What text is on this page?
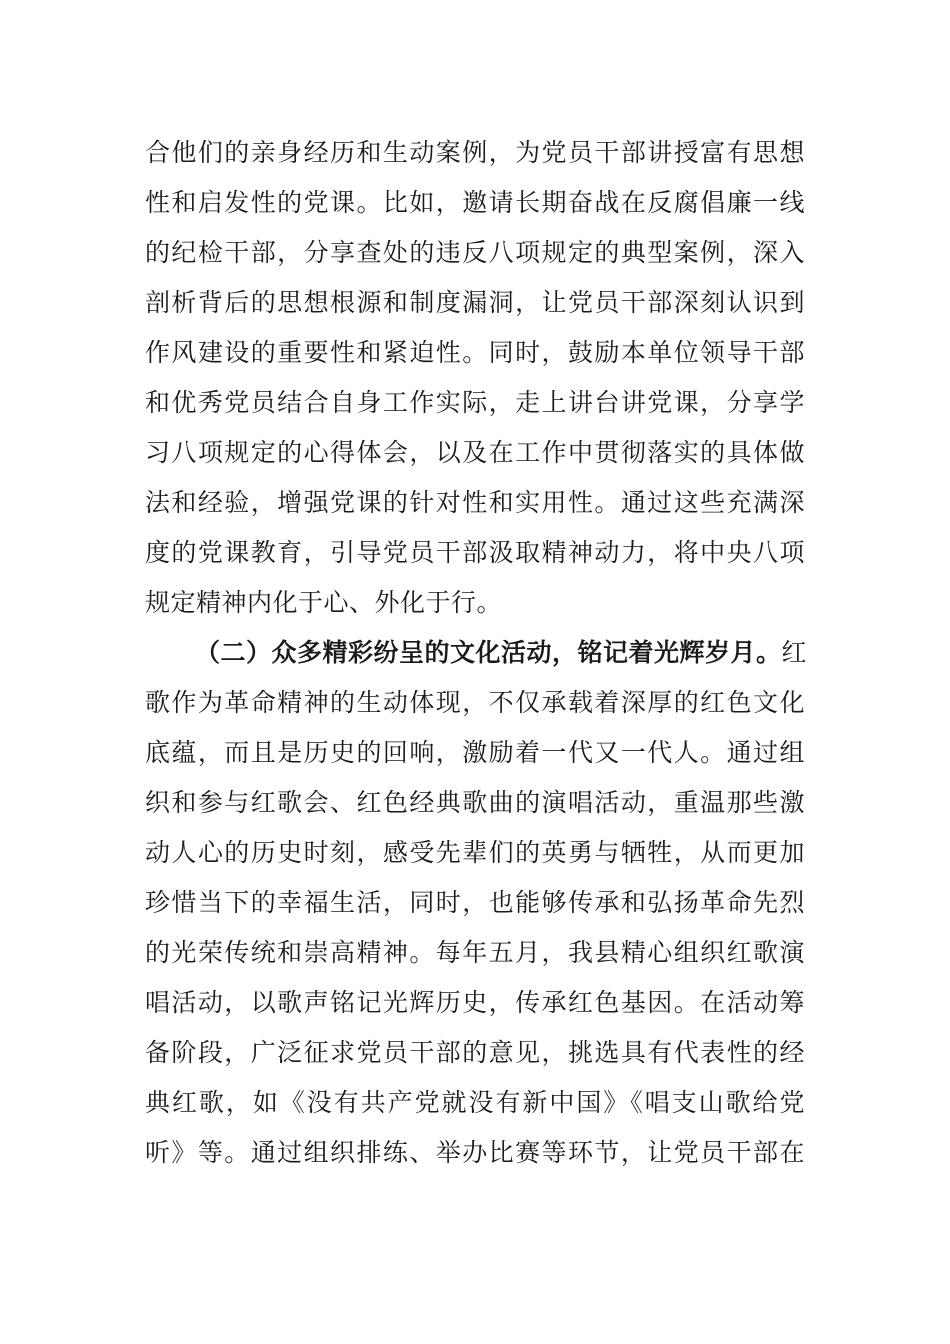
合他们的亲身经历和生动案例，为党员干部讲授富有思想
性和启发性的党课。比如，邀请长期奋战在反腐倡廉一线
的纪检干部，分享查处的违反八项规定的典型案例，深入
剖析背后的思想根源和制度漏洞，让党员干部深刻认识到
作风建设的重要性和紧迫性。同时，鼓励本单位领导干部
和优秀党员结合自身工作实际，走上讲台讲党课，分享学
习八项规定的心得体会，以及在工作中贯彻落实的具体做
法和经验，增强党课的针对性和实用性。通过这些充满深
度的党课教育，引导党员干部汲取精神动力，将中央八项
规定精神内化于心、外化于行。
（二）众多精彩纷呈的文化活动，铭记着光辉岁月。红
歌作为革命精神的生动体现，不仅承载着深厚的红色文化
底蕴，而且是历史的回响，激励着一代又一代人。通过组
织和参与红歌会、红色经典歌曲的演唱活动，重温那些激
动人心的历史时刻，感受先辈们的英勇与牺牲，从而更加
珍惜当下的幸福生活，同时，也能够传承和弘扬革命先烈
的光荣传统和崇高精神。每年五月，我县精心组织红歌演
唱活动，以歌声铭记光辉历史，传承红色基因。在活动筹
备阶段，广泛征求党员干部的意见，挑选具有代表性的经
典红歌，如《没有共产党就没有新中国》《唱支山歌给党
听》等。通过组织排练、举办比赛等环节，让党员干部在
